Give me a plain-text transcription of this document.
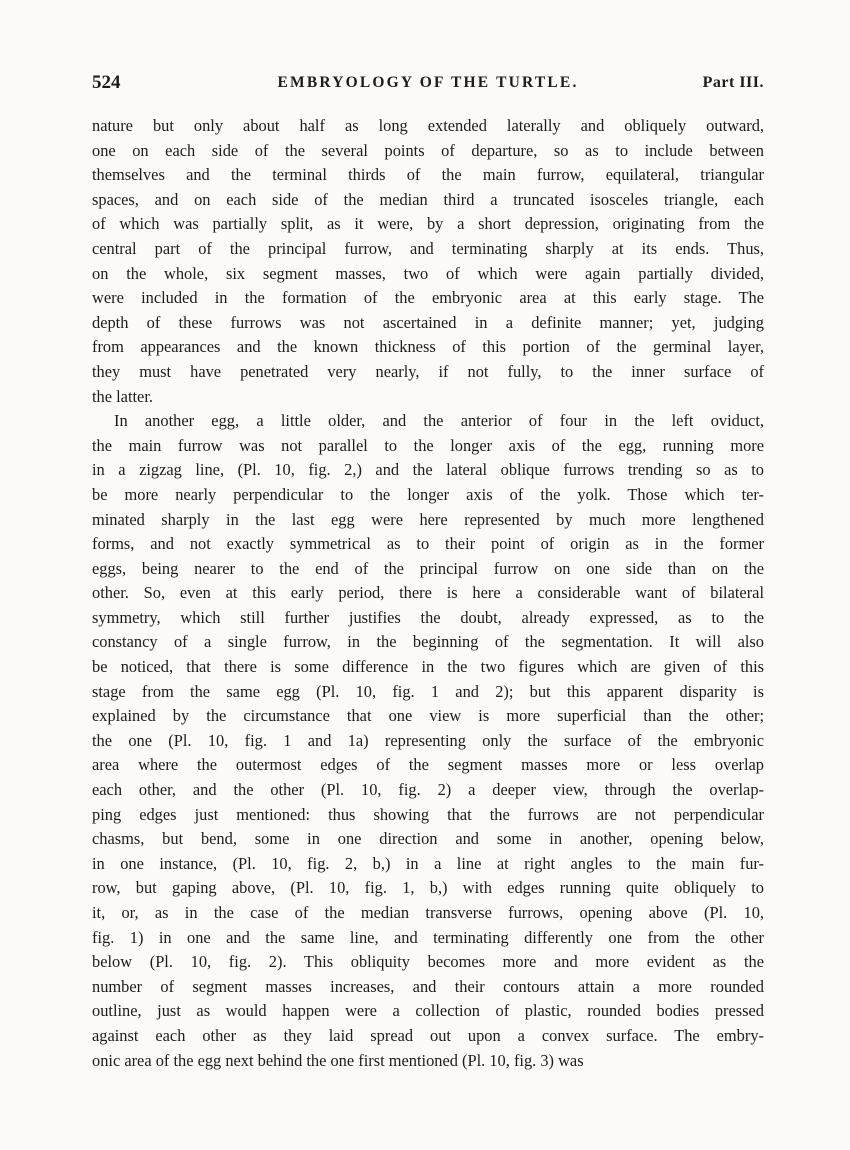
524	EMBRYOLOGY OF THE TURTLE.	Part III.
nature but only about half as long extended laterally and obliquely outward,
one on each side of the several points of departure, so as to include between
themselves and the terminal thirds of the main furrow, equilateral, triangular
spaces, and on each side of the median third a truncated isosceles triangle, each
of which was partially split, as it were, by a short depression, originating from the
central part of the principal furrow, and terminating sharply at its ends. Thus,
on the whole, six segment masses, two of which were again partially divided,
were included in the formation of the embryonic area at this early stage. The
depth of these furrows was not ascertained in a definite manner; yet, judging
from appearances and the known thickness of this portion of the germinal layer,
they must have penetrated very nearly, if not fully, to the inner surface of
the latter.
In another egg, a little older, and the anterior of four in the left oviduct,
the main furrow was not parallel to the longer axis of the egg, running more
in a zigzag line, (Pl. 10, fig. 2,) and the lateral oblique furrows trending so as to
be more nearly perpendicular to the longer axis of the yolk. Those which ter-
minated sharply in the last egg were here represented by much more lengthened
forms, and not exactly symmetrical as to their point of origin as in the former
eggs, being nearer to the end of the principal furrow on one side than on the
other. So, even at this early period, there is here a considerable want of bilateral
symmetry, which still further justifies the doubt, already expressed, as to the
constancy of a single furrow, in the beginning of the segmentation. It will also
be noticed, that there is some difference in the two figures which are given of this
stage from the same egg (Pl. 10, fig. 1 and 2); but this apparent disparity is
explained by the circumstance that one view is more superficial than the other;
the one (Pl. 10, fig. 1 and 1a) representing only the surface of the embryonic
area where the outermost edges of the segment masses more or less overlap
each other, and the other (Pl. 10, fig. 2) a deeper view, through the overlap-
ping edges just mentioned: thus showing that the furrows are not perpendicular
chasms, but bend, some in one direction and some in another, opening below,
in one instance, (Pl. 10, fig. 2, b,) in a line at right angles to the main fur-
row, but gaping above, (Pl. 10, fig. 1, b,) with edges running quite obliquely to
it, or, as in the case of the median transverse furrows, opening above (Pl. 10,
fig. 1) in one and the same line, and terminating differently one from the other
below (Pl. 10, fig. 2). This obliquity becomes more and more evident as the
number of segment masses increases, and their contours attain a more rounded
outline, just as would happen were a collection of plastic, rounded bodies pressed
against each other as they laid spread out upon a convex surface. The embry-
onic area of the egg next behind the one first mentioned (Pl. 10, fig. 3) was
